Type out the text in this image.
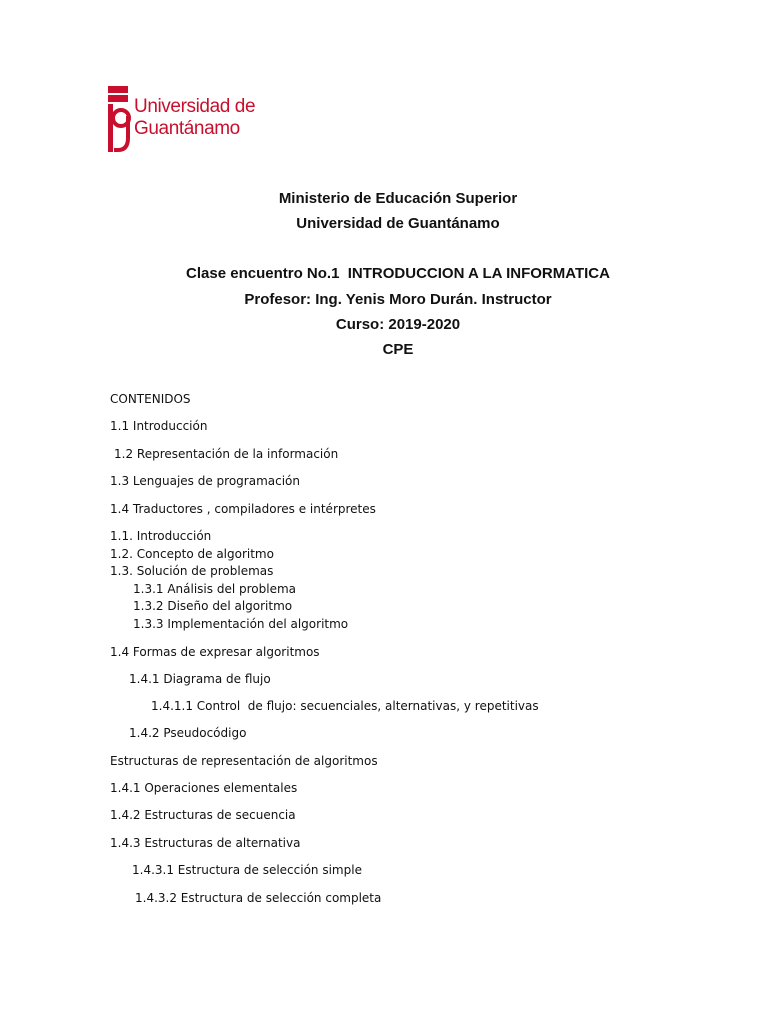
Universidad de
Guantánamo
Ministerio de Educación Superior
Universidad de Guantánamo
Clase encuentro No.1  INTRODUCCION A LA INFORMATICA
Profesor: Ing. Yenis Moro Durán. Instructor
Curso: 2019-2020
CPE
CONTENIDOS
1.1 Introducción
1.2 Representación de la información
1.3 Lenguajes de programación
1.4 Traductores , compiladores e intérpretes
1.1. Introducción
1.2. Concepto de algoritmo
1.3. Solución de problemas
1.3.1 Análisis del problema
1.3.2 Diseño del algoritmo
1.3.3 Implementación del algoritmo
1.4 Formas de expresar algoritmos
1.4.1 Diagrama de flujo
1.4.1.1 Control  de flujo: secuenciales, alternativas, y repetitivas
1.4.2 Pseudocódigo
Estructuras de representación de algoritmos
1.4.1 Operaciones elementales
1.4.2 Estructuras de secuencia
1.4.3 Estructuras de alternativa
1.4.3.1 Estructura de selección simple
1.4.3.2 Estructura de selección completa
